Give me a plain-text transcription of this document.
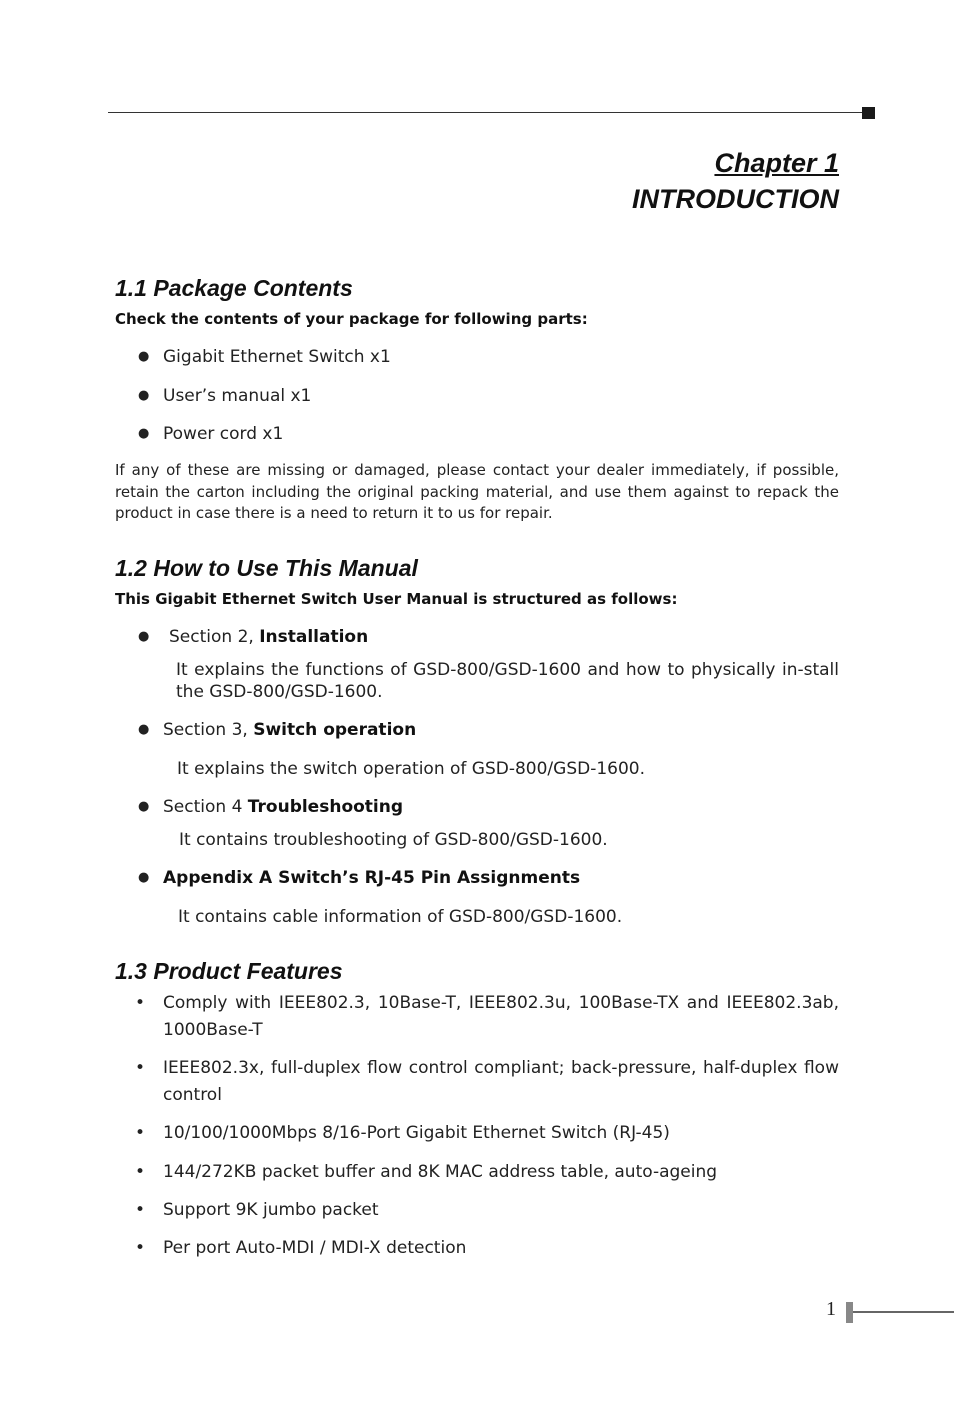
Chapter 1
INTRODUCTION
1.1 Package Contents
Check the contents of your package for following parts:
● Gigabit Ethernet Switch x1
● User’s manual x1
● Power cord x1
If any of these are missing or damaged, please contact your dealer immediately, if possible, retain the carton including the original packing material, and use them against to repack the product in case there is a need to return it to us for repair.
1.2 How to Use This Manual
This Gigabit Ethernet Switch User Manual is structured as follows:
● Section 2, Installation
It explains the functions of GSD-800/GSD-1600 and how to physically in-stall the GSD-800/GSD-1600.
● Section 3, Switch operation
It explains the switch operation of GSD-800/GSD-1600.
● Section 4 Troubleshooting
It contains troubleshooting of GSD-800/GSD-1600.
● Appendix A Switch’s RJ-45 Pin Assignments
It contains cable information of GSD-800/GSD-1600.
1.3 Product Features
• Comply with IEEE802.3, 10Base-T, IEEE802.3u, 100Base-TX and IEEE802.3ab, 1000Base-T
• IEEE802.3x, full-duplex flow control compliant; back-pressure, half-duplex flow control
• 10/100/1000Mbps 8/16-Port Gigabit Ethernet Switch (RJ-45)
• 144/272KB packet buffer and 8K MAC address table, auto-ageing
• Support 9K jumbo packet
• Per port Auto-MDI / MDI-X detection
1
